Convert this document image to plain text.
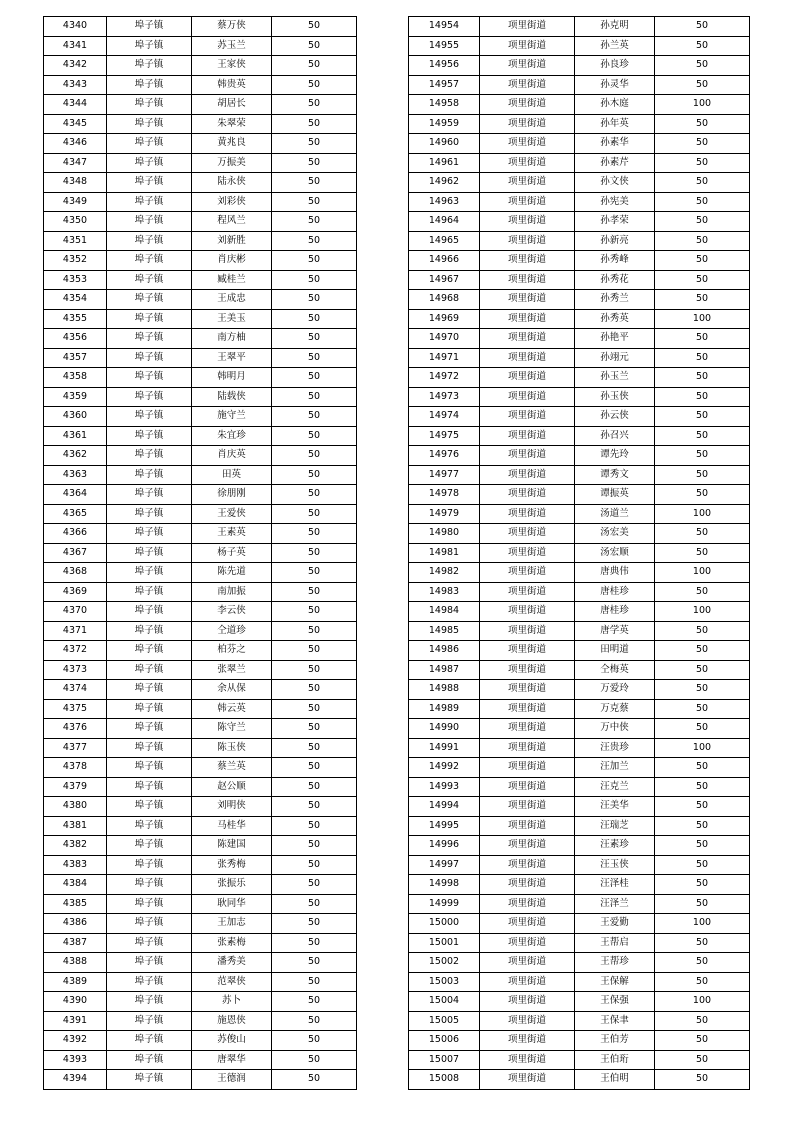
4340	埠子镇	蔡万侠	50
4341	埠子镇	苏玉兰	50
4342	埠子镇	王家侠	50
4343	埠子镇	韩贵英	50
4344	埠子镇	胡居长	50
4345	埠子镇	朱翠荣	50
4346	埠子镇	黄兆良	50
4347	埠子镇	万振美	50
4348	埠子镇	陆永侠	50
4349	埠子镇	刘彩侠	50
4350	埠子镇	程风兰	50
4351	埠子镇	刘新胜	50
4352	埠子镇	肖庆彬	50
4353	埠子镇	臧桂兰	50
4354	埠子镇	王成忠	50
4355	埠子镇	王美玉	50
4356	埠子镇	南方柚	50
4357	埠子镇	王翠平	50
4358	埠子镇	韩明月	50
4359	埠子镇	陆载侠	50
4360	埠子镇	施守兰	50
4361	埠子镇	朱宜珍	50
4362	埠子镇	肖庆英	50
4363	埠子镇	田英	50
4364	埠子镇	徐朋刚	50
4365	埠子镇	王爱侠	50
4366	埠子镇	王素英	50
4367	埠子镇	杨子英	50
4368	埠子镇	陈先道	50
4369	埠子镇	南加振	50
4370	埠子镇	李云侠	50
4371	埠子镇	仝道珍	50
4372	埠子镇	柏芬之	50
4373	埠子镇	张翠兰	50
4374	埠子镇	余从保	50
4375	埠子镇	韩云英	50
4376	埠子镇	陈守兰	50
4377	埠子镇	陈玉侠	50
4378	埠子镇	蔡兰英	50
4379	埠子镇	赵公顺	50
4380	埠子镇	刘明侠	50
4381	埠子镇	马桂华	50
4382	埠子镇	陈建国	50
4383	埠子镇	张秀梅	50
4384	埠子镇	张振乐	50
4385	埠子镇	耿同华	50
4386	埠子镇	王加志	50
4387	埠子镇	张素梅	50
4388	埠子镇	潘秀美	50
4389	埠子镇	范翠侠	50
4390	埠子镇	苏卜	50
4391	埠子镇	施恩侠	50
4392	埠子镇	苏俊山	50
4393	埠子镇	唐翠华	50
4394	埠子镇	王德润	50
14954	项里街道	孙克明	50
14955	项里街道	孙兰英	50
14956	项里街道	孙良珍	50
14957	项里街道	孙灵华	50
14958	项里街道	孙木庭	100
14959	项里街道	孙年英	50
14960	项里街道	孙素华	50
14961	项里街道	孙素芹	50
14962	项里街道	孙文侠	50
14963	项里街道	孙宪美	50
14964	项里街道	孙孝荣	50
14965	项里街道	孙新亮	50
14966	项里街道	孙秀峰	50
14967	项里街道	孙秀花	50
14968	项里街道	孙秀兰	50
14969	项里街道	孙秀英	100
14970	项里街道	孙艳平	50
14971	项里街道	孙翊元	50
14972	项里街道	孙玉兰	50
14973	项里街道	孙玉侠	50
14974	项里街道	孙云侠	50
14975	项里街道	孙召兴	50
14976	项里街道	谭先玲	50
14977	项里街道	谭秀文	50
14978	项里街道	谭振英	50
14979	项里街道	汤道兰	100
14980	项里街道	汤宏美	50
14981	项里街道	汤宏顺	50
14982	项里街道	唐典伟	100
14983	项里街道	唐桂珍	50
14984	项里街道	唐桂珍	100
14985	项里街道	唐学英	50
14986	项里街道	田明道	50
14987	项里街道	仝梅英	50
14988	项里街道	万爱玲	50
14989	项里街道	万克蔡	50
14990	项里街道	万中侠	50
14991	项里街道	汪贵珍	100
14992	项里街道	汪加兰	50
14993	项里街道	汪克兰	50
14994	项里街道	汪美华	50
14995	项里街道	汪瑞芝	50
14996	项里街道	汪素珍	50
14997	项里街道	汪玉侠	50
14998	项里街道	汪泽桂	50
14999	项里街道	汪泽兰	50
15000	项里街道	王爱勤	100
15001	项里街道	王帮启	50
15002	项里街道	王帮珍	50
15003	项里街道	王保解	50
15004	项里街道	王保强	100
15005	项里街道	王保聿	50
15006	项里街道	王伯芳	50
15007	项里街道	王伯珩	50
15008	项里街道	王伯明	50
